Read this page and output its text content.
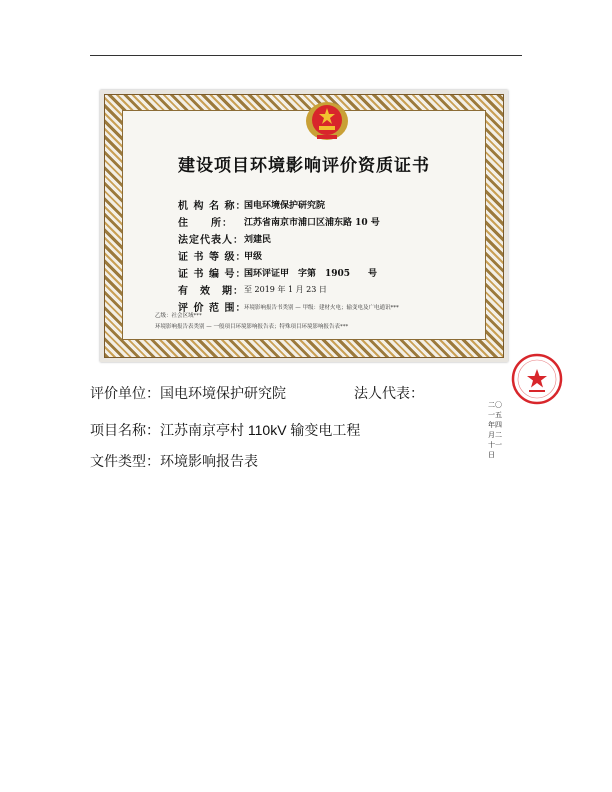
建设项目环境影响评价资质证书
机 构 名 称：
国电环境保护研究院
住　　所：	江苏省南京市浦口区浦东路 10 号
法定代表人： 刘建民
证 书 等 级：
甲级
证 书 编 号：
国环评证甲　字第　1905　　号
有　效　期： 至 2019 年 1 月 23 日
评 价 范 围：
环境影响报告书类别 — 甲级：建材火电；输变电及广电通讯***
乙级：社会区域***
环境影响报告表类别 — 一般项目环境影响报告表；特殊项目环境影响报告表***
二〇一五年四月二十一日
评价单位：国电环境保护研究院	法人代表：
项目名称：江苏南京亭村 110kV 输变电工程
文件类型：环境影响报告表
